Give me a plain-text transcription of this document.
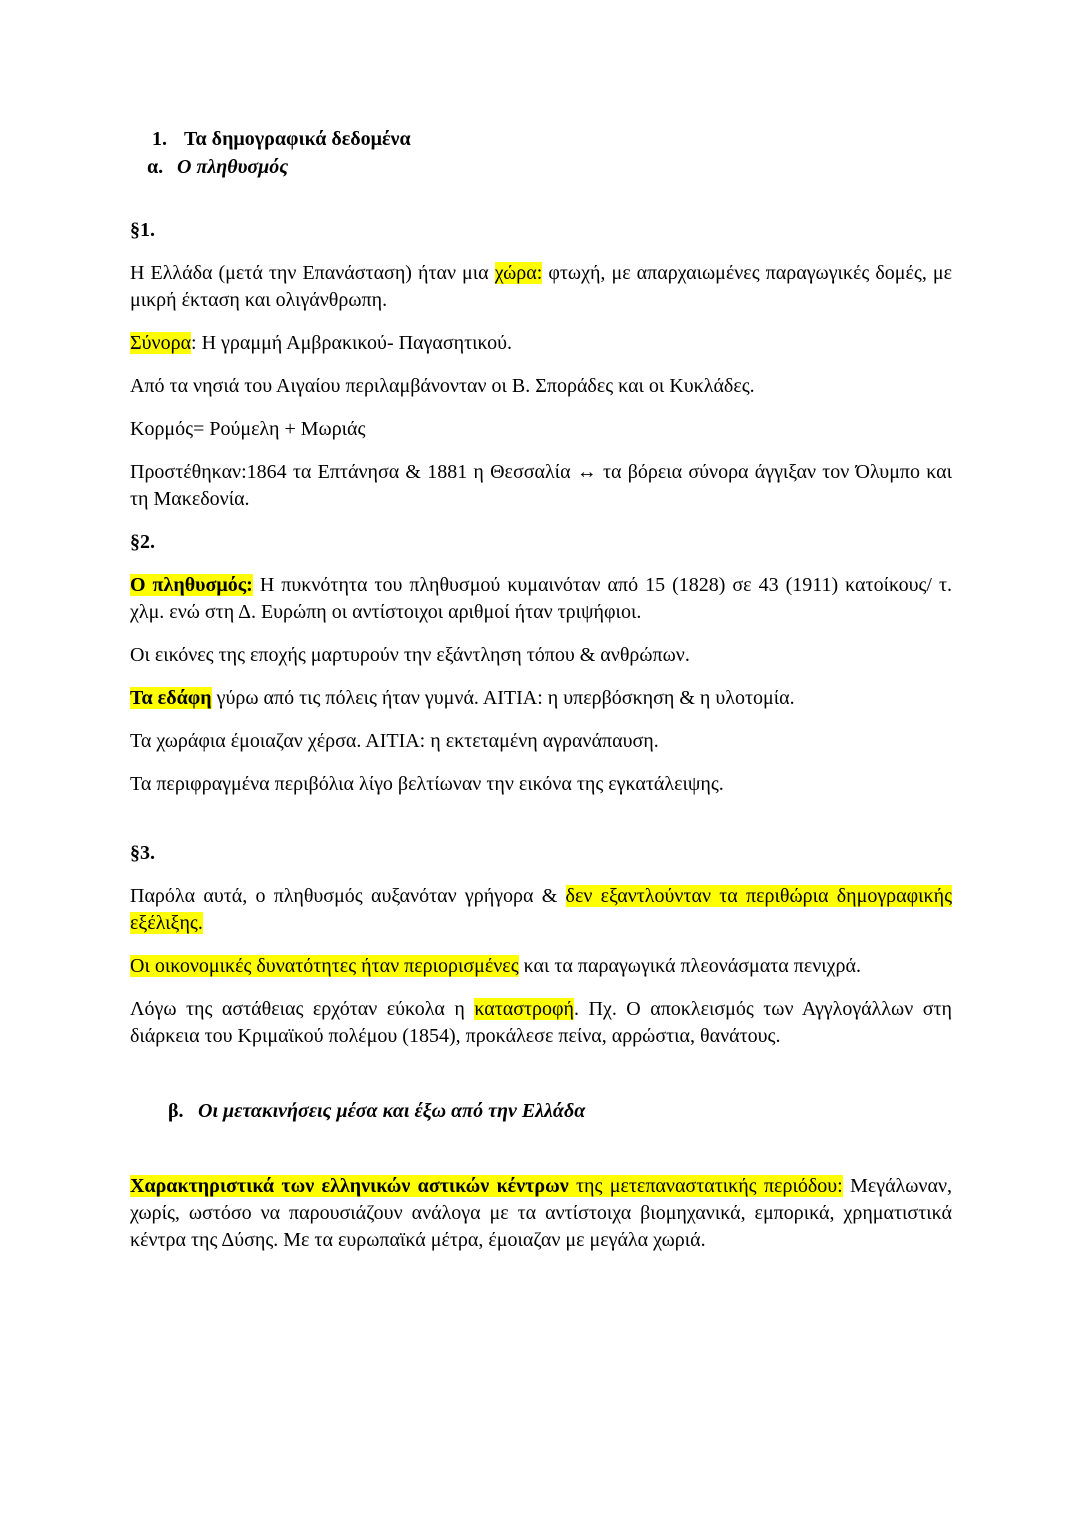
1. Τα δημογραφικά δεδομένα
α. Ο πληθυσμός
§1.

Η Ελλάδα (μετά την Επανάσταση) ήταν μια χώρα: φτωχή, με απαρχαιωμένες παραγωγικές δομές, με μικρή έκταση και ολιγάνθρωπη.

Σύνορα: Η γραμμή Αμβρακικού- Παγασητικού.

Από τα νησιά του Αιγαίου περιλαμβάνονταν οι Β. Σποράδες και οι Κυκλάδες.

Κορμός= Ρούμελη + Μωριάς

Προστέθηκαν:1864 τα Επτάνησα & 1881 η Θεσσαλία ↔ τα βόρεια σύνορα άγγιξαν τον Όλυμπο και τη Μακεδονία.

§2.

Ο πληθυσμός: Η πυκνότητα του πληθυσμού κυμαινόταν από 15 (1828) σε 43 (1911) κατοίκους/ τ. χλμ. ενώ στη Δ. Ευρώπη οι αντίστοιχοι αριθμοί ήταν τριψήφιοι.

Οι εικόνες της εποχής μαρτυρούν την εξάντληση τόπου & ανθρώπων.

Τα εδάφη γύρω από τις πόλεις ήταν γυμνά. ΑΙΤΙΑ: η υπερβόσκηση & η υλοτομία.

Τα χωράφια έμοιαζαν χέρσα. ΑΙΤΙΑ: η εκτεταμένη αγρανάπαυση.

Τα περιφραγμένα περιβόλια λίγο βελτίωναν την εικόνα της εγκατάλειψης.

§3.

Παρόλα αυτά, ο πληθυσμός αυξανόταν γρήγορα & δεν εξαντλούνταν τα περιθώρια δημογραφικής εξέλιξης.

Οι οικονομικές δυνατότητες ήταν περιορισμένες και τα παραγωγικά πλεονάσματα πενιχρά.

Λόγω της αστάθειας ερχόταν εύκολα η καταστροφή. Πχ. Ο αποκλεισμός των Αγγλογάλλων στη διάρκεια του Κριμαϊκού πολέμου (1854), προκάλεσε πείνα, αρρώστια, θανάτους.

β. Οι μετακινήσεις μέσα και έξω από την Ελλάδα

Χαρακτηριστικά των ελληνικών αστικών κέντρων της μετεπαναστατικής περιόδου: Μεγάλωναν, χωρίς, ωστόσο να παρουσιάζουν ανάλογα με τα αντίστοιχα βιομηχανικά, εμπορικά, χρηματιστικά κέντρα της Δύσης. Με τα ευρωπαϊκά μέτρα, έμοιαζαν με μεγάλα χωριά.
